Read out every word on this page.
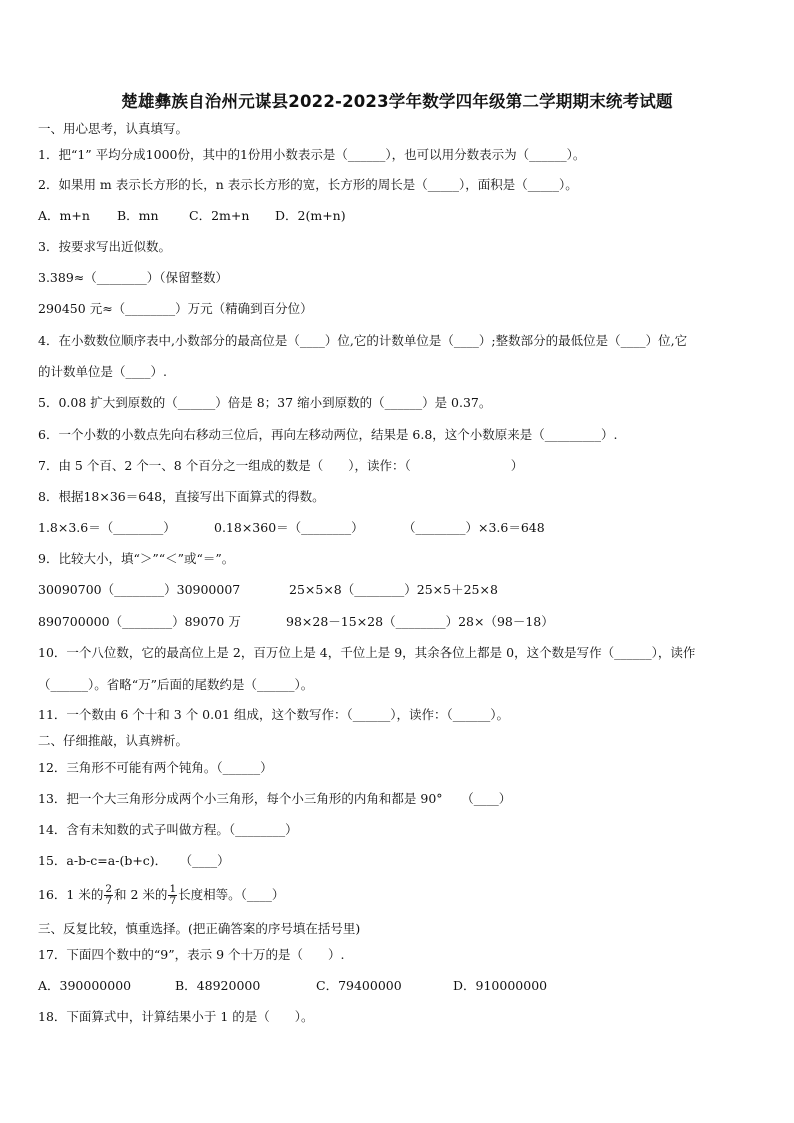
楚雄彝族自治州元谋县2022-2023学年数学四年级第二学期期末统考试题
一、用心思考，认真填写。
1．把“1” 平均分成1000份，其中的1份用小数表示是（______），也可以用分数表示为（______）。
2．如果用 m 表示长方形的长，n 表示长方形的宽，长方形的周长是（_____），面积是（_____）。
A．m+n B．mn C．2m+n D．2(m+n)
3．按要求写出近似数。
3.389≈（________）（保留整数）
290450 元≈（________）万元（精确到百分位）
4．在小数数位顺序表中,小数部分的最高位是（____）位,它的计数单位是（____）;整数部分的最低位是（____）位,它
的计数单位是（____）.
5．0.08 扩大到原数的（______）倍是 8；37 缩小到原数的（______）是 0.37。
6．一个小数的小数点先向右移动三位后，再向左移动两位，结果是 6.8，这个小数原来是（_________）.
7．由 5 个百、2 个一、8 个百分之一组成的数是（　　），读作：（　　　　　　　　）
8．根据18×36＝648，直接写出下面算式的得数。
1.8×3.6＝（________）	0.18×360＝（________）	（________）×3.6＝648
9．比较大小，填“＞”“＜”或“＝”。
30090700（________）30900007	25×5×8（________）25×5＋25×8
890700000（________）89070 万	98×28－15×28（________）28×（98－18）
10．一个八位数，它的最高位上是 2，百万位上是 4，千位上是 9，其余各位上都是 0，这个数是写作（______），读作
（______）。省略“万”后面的尾数约是（______）。
11．一个数由 6 个十和 3 个 0.01 组成，这个数写作：（______），读作：（______）。
二、仔细推敲，认真辨析。
12．三角形不可能有两个钝角。（______）
13．把一个大三角形分成两个小三角形，每个小三角形的内角和都是 90°　　（____）
14．含有未知数的式子叫做方程。（________）
15．a-b-c=a-(b+c)．　　（____）
16．1 米的 $\frac{2}{7}$ 和 2 米的 $\frac{1}{7}$ 长度相等。（____）
三、反复比较，慎重选择。(把正确答案的序号填在括号里)
17．下面四个数中的“9”，表示 9 个十万的是（　　）.
A．390000000	B．48920000	C．79400000	D．910000000
18．下面算式中，计算结果小于 1 的是（　　）。
